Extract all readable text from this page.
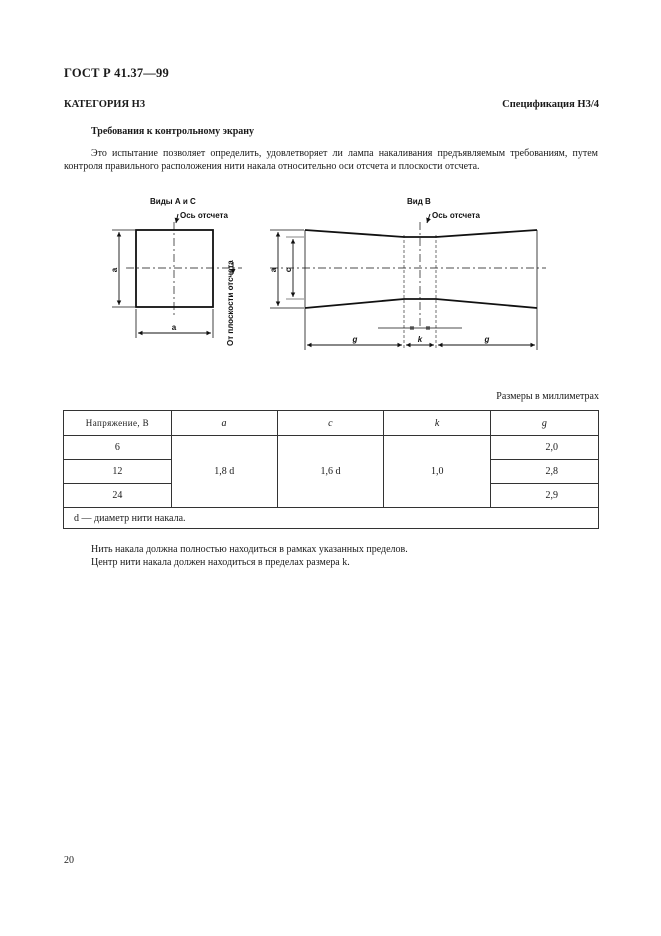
ГОСТ Р 41.37—99
КАТЕГОРИЯ Н3	Спецификация Н3/4
Требования к контрольному экрану

Это испытание позволяет определить, удовлетворяет ли лампа накаливания предъявляемым требованиям, путем контроля правильного расположения нити накала относительно оси отсчета и плоскости отсчета.

Виды А и С
Ось отсчета
а
а	От плоскости отсчета
Вид В
Ось отсчета
а с
= =
g	k	g
Размеры в миллиметрах
Напряжение, В	a	c	k	g
6	1,8 d	1,6 d	1,0	2,0
12				2,8
24				2,9
d — диаметр нити накала.				
Нить накала должна полностью находиться в рамках указанных пределов.
Центр нити накала должен находиться в пределах размера k.
20
